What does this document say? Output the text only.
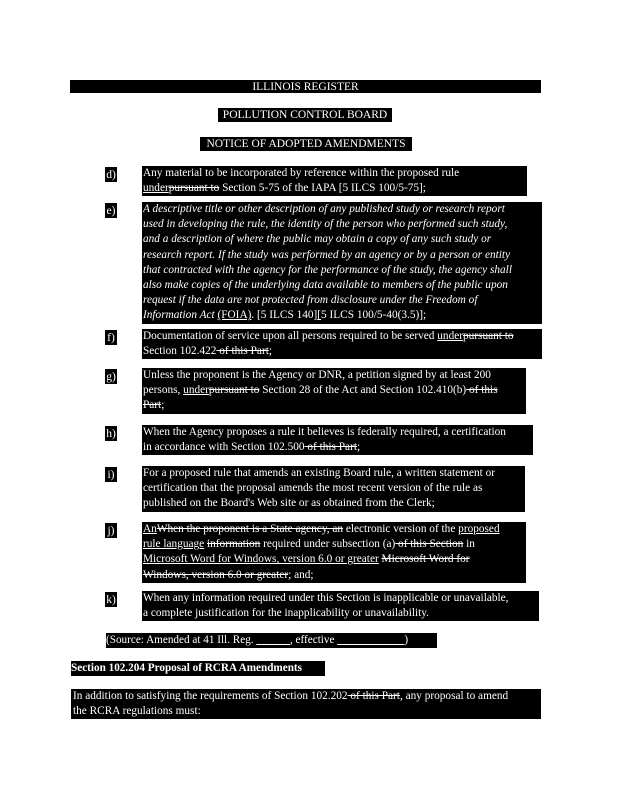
ILLINOIS REGISTER
POLLUTION CONTROL BOARD
NOTICE OF ADOPTED AMENDMENTS
d) Any material to be incorporated by reference within the proposed rule
underpursuant to Section 5-75 of the IAPA [5 ILCS 100/5-75];
e) A descriptive title or other description of any published study or research report
used in developing the rule, the identity of the person who performed such study,
and a description of where the public may obtain a copy of any such study or
research report. If the study was performed by an agency or by a person or entity
that contracted with the agency for the performance of the study, the agency shall
also make copies of the underlying data available to members of the public upon
request if the data are not protected from disclosure under the Freedom of
Information Act (FOIA). [5 ILCS 140][5 ILCS 100/5-40(3.5)];
f) Documentation of service upon all persons required to be served underpursuant to
Section 102.422 of this Part;
g) Unless the proponent is the Agency or DNR, a petition signed by at least 200
persons, underpursuant to Section 28 of the Act and Section 102.410(b) of this
Part;
h) When the Agency proposes a rule it believes is federally required, a certification
in accordance with Section 102.500 of this Part;
i)	For a proposed rule that amends an existing Board rule, a written statement or
certification that the proposal amends the most recent version of the rule as
published on the Board's Web site or as obtained from the Clerk;
j)	AnWhen the proponent is a State agency, an electronic version of the proposed
rule language information required under subsection (a) of this Section in
Microsoft Word for Windows, version 6.0 or greater Microsoft Word for
Windows, version 6.0 or greater; and;
k) When any information required under this Section is inapplicable or unavailable,
a complete justification for the inapplicability or unavailability.
(Source: Amended at 41 Ill. Reg. ______, effective ____________)
Section 102.204 Proposal of RCRA Amendments
In addition to satisfying the requirements of Section 102.202 of this Part, any proposal to amend
the RCRA regulations must:
